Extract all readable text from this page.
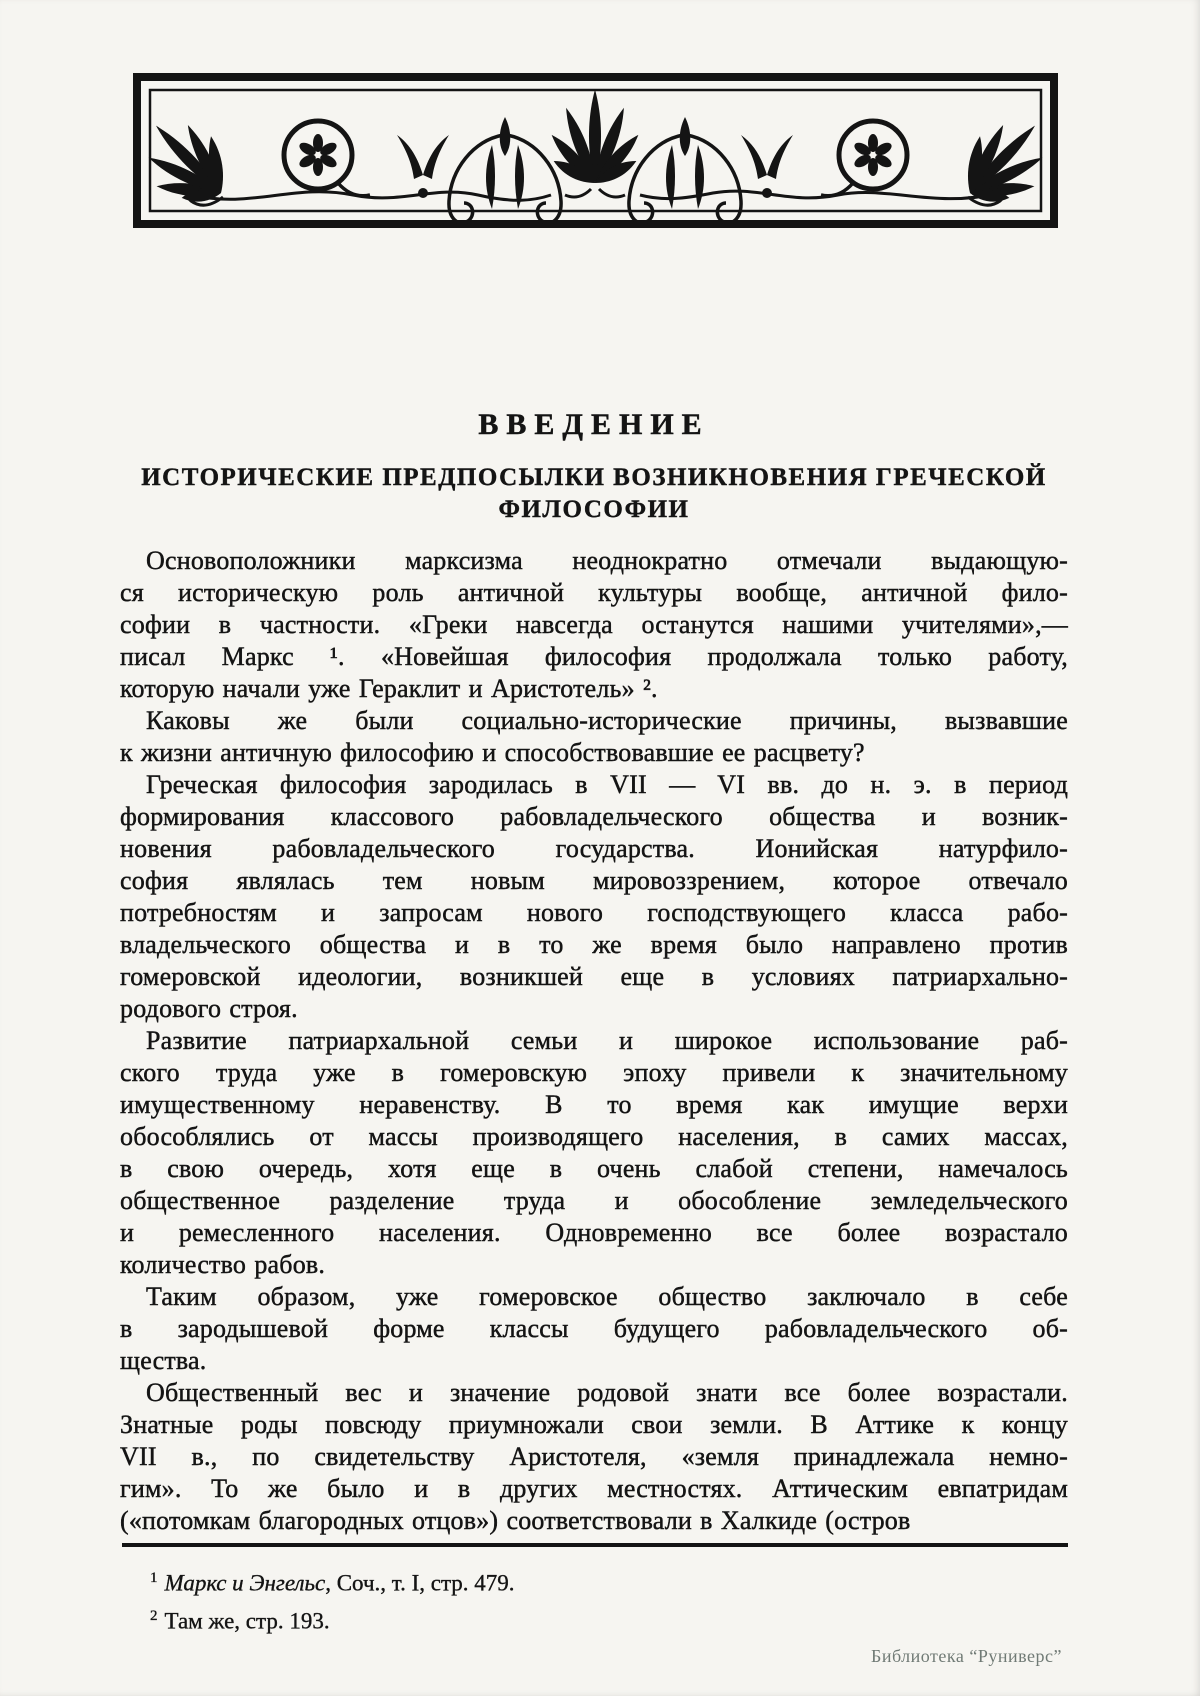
ВВЕДЕНИЕ
ИСТОРИЧЕСКИЕ ПРЕДПОСЫЛКИ ВОЗНИКНОВЕНИЯ ГРЕЧЕСКОЙ
ФИЛОСОФИИ
Основоположники марксизма неоднократно отмечали выдающую-
ся историческую роль античной культуры вообще, античной фило-
софии в частности. «Греки навсегда останутся нашими учителями»,—
писал Маркс ¹. «Новейшая философия продолжала только работу,
которую начали уже Гераклит и Аристотель» ².
Каковы же были социально-исторические причины, вызвавшие
к жизни античную философию и способствовавшие ее расцвету?
Греческая философия зародилась в VII — VI вв. до н. э. в период
формирования классового рабовладельческого общества и возник-
новения рабовладельческого государства. Ионийская натурфило-
софия являлась тем новым мировоззрением, которое отвечало
потребностям и запросам нового господствующего класса рабо-
владельческого общества и в то же время было направлено против
гомеровской идеологии, возникшей еще в условиях патриархально-
родового строя.
Развитие патриархальной семьи и широкое использование раб-
ского труда уже в гомеровскую эпоху привели к значительному
имущественному неравенству. В то время как имущие верхи
обособлялись от массы производящего населения, в самих массах,
в свою очередь, хотя еще в очень слабой степени, намечалось
общественное разделение труда и обособление земледельческого
и ремесленного населения. Одновременно все более возрастало
количество рабов.
Таким образом, уже гомеровское общество заключало в себе
в зародышевой форме классы будущего рабовладельческого об-
щества.
Общественный вес и значение родовой знати все более возрастали.
Знатные роды повсюду приумножали свои земли. В Аттике к концу
VII в., по свидетельству Аристотеля, «земля принадлежала немно-
гим». То же было и в других местностях. Аттическим евпатридам
(«потомкам благородных отцов») соответствовали в Халкиде (остров
$^1$ Маркс и Энгельс, Соч., т. I, стр. 479.
$^2$ Там же, стр. 193.
Библиотека “Руниверс”
